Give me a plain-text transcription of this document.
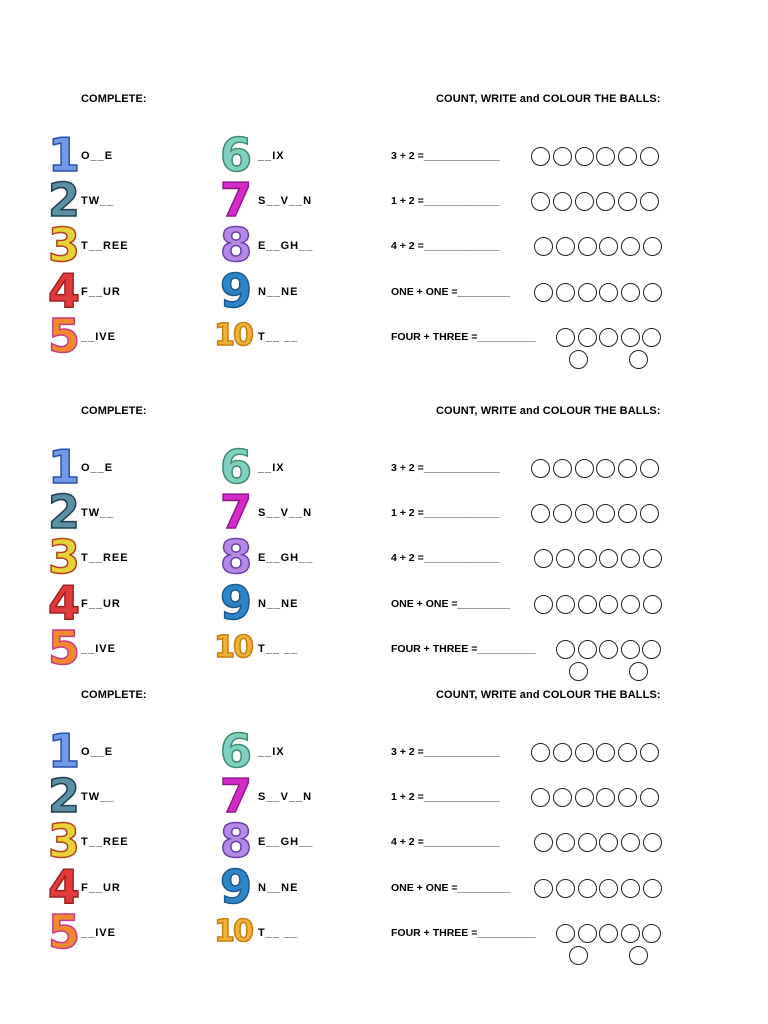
COMPLETE:	COUNT, WRITE and COLOUR THE BALLS:
1 O__E
2 TW__
3 T__REE
4 F__UR
5 __IVE
6 __IX
7 S__V__N
8 E__GH__
9 N__NE
10 T__ __
3 + 2 =_____________
1 + 2 =_____________
4 + 2 =_____________
ONE + ONE =_________
FOUR + THREE =__________
COMPLETE:	COUNT, WRITE and COLOUR THE BALLS:
1 O__E
2 TW__
3 T__REE
4 F__UR
5 __IVE
6 __IX
7 S__V__N
8 E__GH__
9 N__NE
10 T__ __
3 + 2 =_____________
1 + 2 =_____________
4 + 2 =_____________
ONE + ONE =_________
FOUR + THREE =__________
COMPLETE:	COUNT, WRITE and COLOUR THE BALLS:
1 O__E
2 TW__
3 T__REE
4 F__UR
5 __IVE
6 __IX
7 S__V__N
8 E__GH__
9 N__NE
10 T__ __
3 + 2 =_____________
1 + 2 =_____________
4 + 2 =_____________
ONE + ONE =_________
FOUR + THREE =__________
